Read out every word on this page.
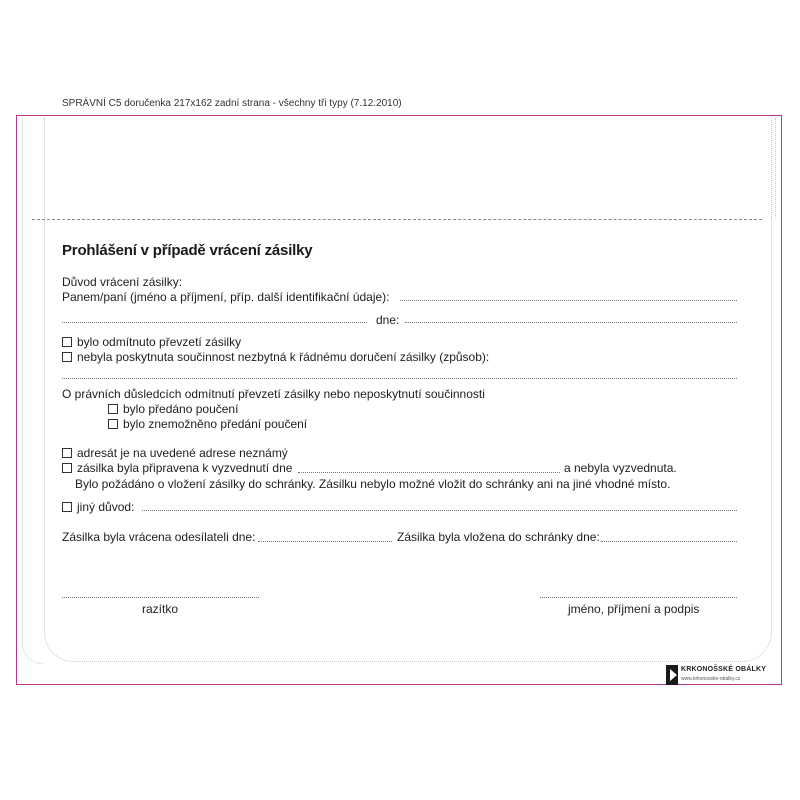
SPRÁVNÍ C5 doručenka 217x162 zadní strana - všechny tři typy (7.12.2010)
Prohlášení v případě vrácení zásilky
Důvod vrácení zásilky:
Panem/paní (jméno a příjmení, příp. další identifikační údaje):
dne:
bylo odmítnuto převzetí zásilky
nebyla poskytnuta součinnost nezbytná k řádnému doručení zásilky (způsob):
O právních důsledcích odmítnutí převzetí zásilky nebo neposkytnutí součinnosti
bylo předáno poučení
bylo znemožněno předání poučení
adresát je na uvedené adrese neznámý
zásilka byla připravena k vyzvednutí dne	a nebyla vyzvednuta.
Bylo požádáno o vložení zásilky do schránky. Zásilku nebylo možné vložit do schránky ani na jiné vhodné místo.
jiný důvod:
Zásilka byla vrácena odesílateli dne:	Zásilka byla vložena do schránky dne:
razítko	jméno, příjmení a podpis
KRKONOŠSKÉ OBÁLKY
www.krkonosske-obalky.cz
